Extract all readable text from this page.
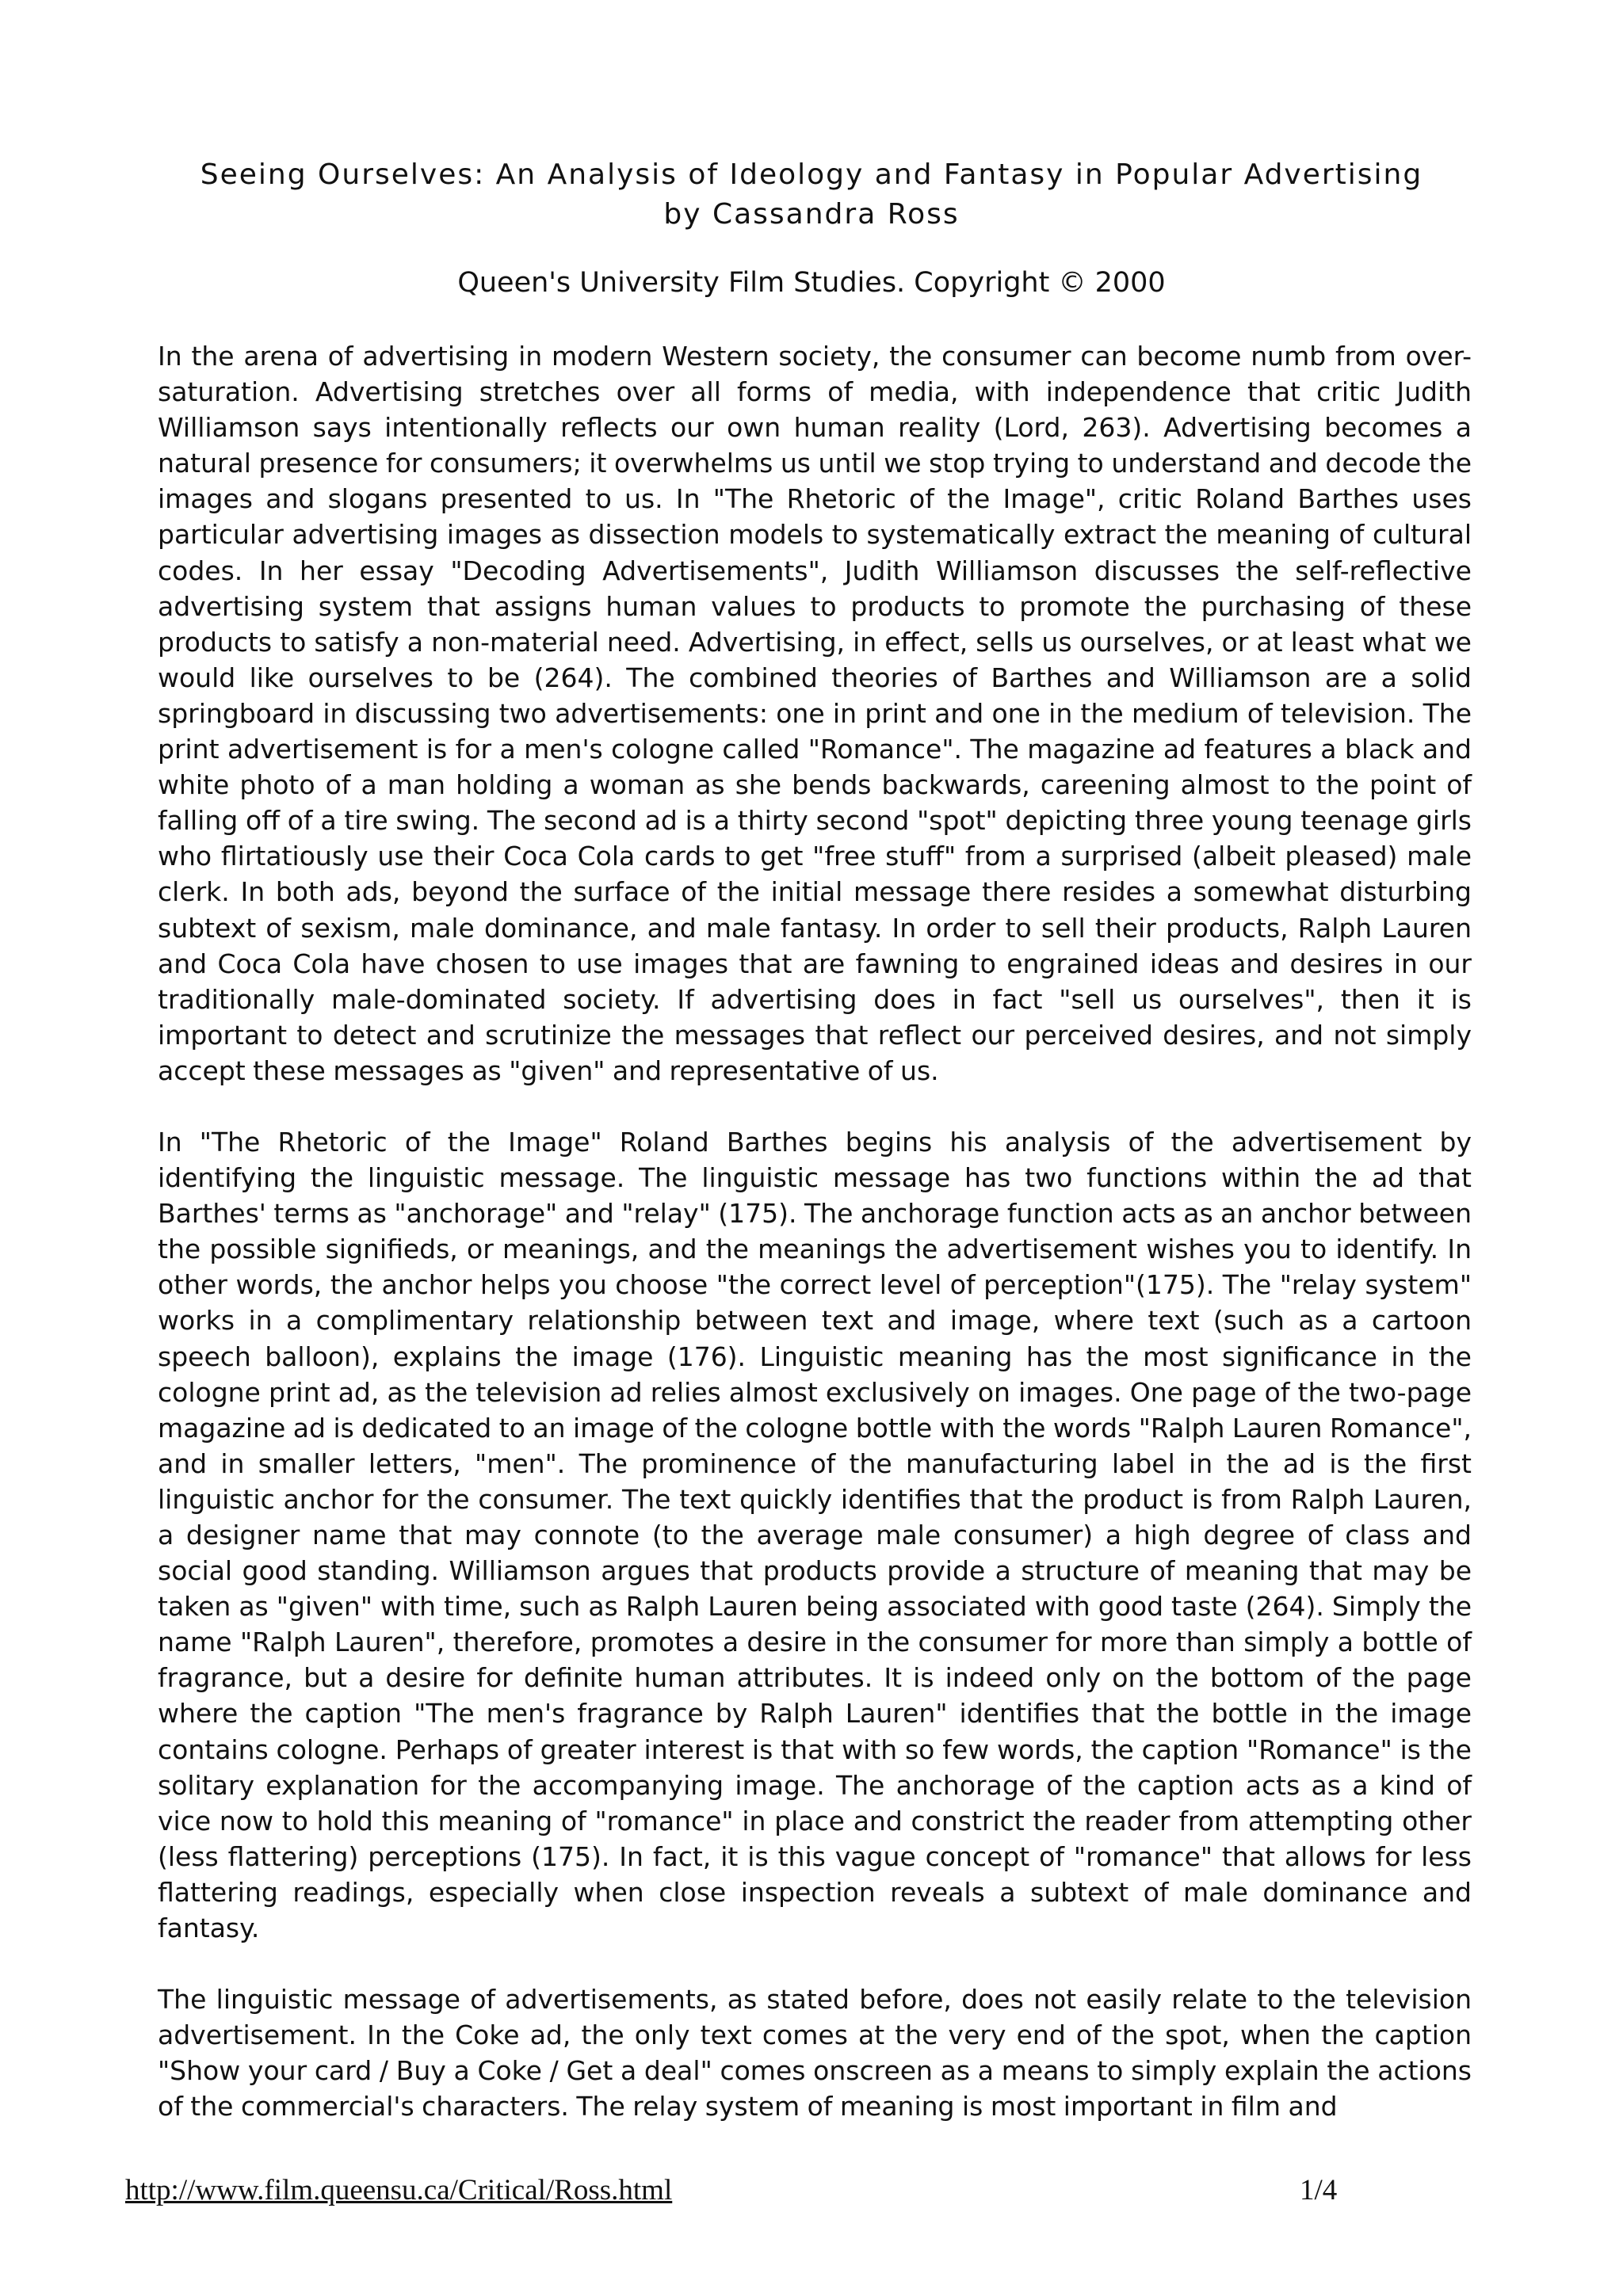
Seeing Ourselves: An Analysis of Ideology and Fantasy in Popular Advertising
by Cassandra Ross
Queen's University Film Studies. Copyright © 2000

In the arena of advertising in modern Western society, the consumer can become numb from over-saturation. Advertising stretches over all forms of media, with independence that critic Judith Williamson says intentionally reflects our own human reality (Lord, 263). Advertising becomes a natural presence for consumers; it overwhelms us until we stop trying to understand and decode the images and slogans presented to us. In "The Rhetoric of the Image", critic Roland Barthes uses particular advertising images as dissection models to systematically extract the meaning of cultural codes. In her essay "Decoding Advertisements", Judith Williamson discusses the self-reflective advertising system that assigns human values to products to promote the purchasing of these products to satisfy a non-material need. Advertising, in effect, sells us ourselves, or at least what we would like ourselves to be (264). The combined theories of Barthes and Williamson are a solid springboard in discussing two advertisements: one in print and one in the medium of television. The print advertisement is for a men's cologne called "Romance". The magazine ad features a black and white photo of a man holding a woman as she bends backwards, careening almost to the point of falling off of a tire swing. The second ad is a thirty second "spot" depicting three young teenage girls who flirtatiously use their Coca Cola cards to get "free stuff" from a surprised (albeit pleased) male clerk. In both ads, beyond the surface of the initial message there resides a somewhat disturbing subtext of sexism, male dominance, and male fantasy. In order to sell their products, Ralph Lauren and Coca Cola have chosen to use images that are fawning to engrained ideas and desires in our traditionally male-dominated society. If advertising does in fact "sell us ourselves", then it is important to detect and scrutinize the messages that reflect our perceived desires, and not simply accept these messages as "given" and representative of us.

In "The Rhetoric of the Image" Roland Barthes begins his analysis of the advertisement by identifying the linguistic message. The linguistic message has two functions within the ad that Barthes' terms as "anchorage" and "relay" (175). The anchorage function acts as an anchor between the possible signifieds, or meanings, and the meanings the advertisement wishes you to identify. In other words, the anchor helps you choose "the correct level of perception"(175). The "relay system" works in a complimentary relationship between text and image, where text (such as a cartoon speech balloon), explains the image (176). Linguistic meaning has the most significance in the cologne print ad, as the television ad relies almost exclusively on images. One page of the two-page magazine ad is dedicated to an image of the cologne bottle with the words "Ralph Lauren Romance", and in smaller letters, "men". The prominence of the manufacturing label in the ad is the first linguistic anchor for the consumer. The text quickly identifies that the product is from Ralph Lauren, a designer name that may connote (to the average male consumer) a high degree of class and social good standing. Williamson argues that products provide a structure of meaning that may be taken as "given" with time, such as Ralph Lauren being associated with good taste (264). Simply the name "Ralph Lauren", therefore, promotes a desire in the consumer for more than simply a bottle of fragrance, but a desire for definite human attributes. It is indeed only on the bottom of the page where the caption "The men's fragrance by Ralph Lauren" identifies that the bottle in the image contains cologne. Perhaps of greater interest is that with so few words, the caption "Romance" is the solitary explanation for the accompanying image. The anchorage of the caption acts as a kind of vice now to hold this meaning of "romance" in place and constrict the reader from attempting other (less flattering) perceptions (175). In fact, it is this vague concept of "romance" that allows for less flattering readings, especially when close inspection reveals a subtext of male dominance and fantasy.

The linguistic message of advertisements, as stated before, does not easily relate to the television advertisement. In the Coke ad, the only text comes at the very end of the spot, when the caption "Show your card / Buy a Coke / Get a deal" comes onscreen as a means to simply explain the actions of the commercial's characters. The relay system of meaning is most important in film and

http://www.film.queensu.ca/Critical/Ross.html	1/4
